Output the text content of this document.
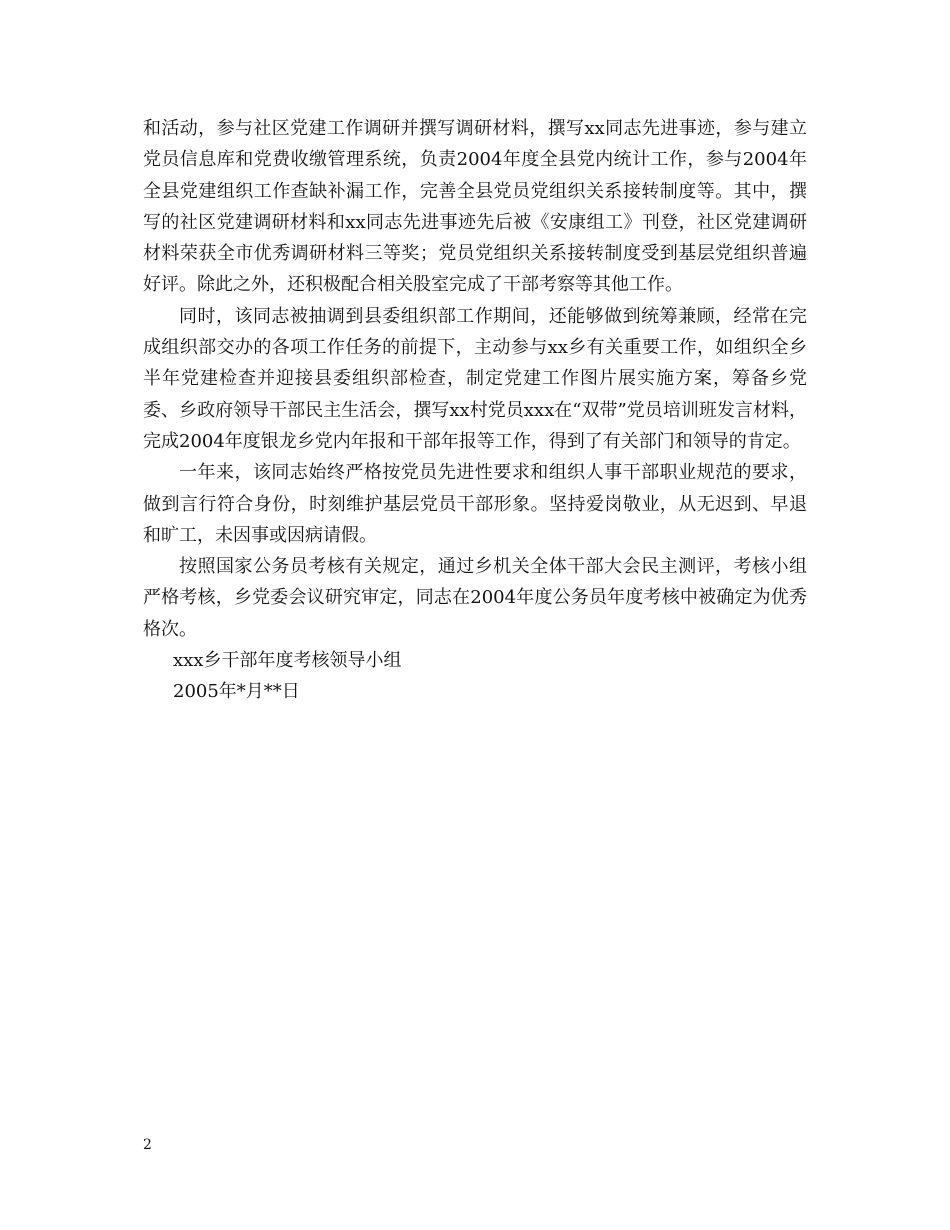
和活动，参与社区党建工作调研并撰写调研材料，撰写xx同志先进事迹，参与建立党员信息库和党费收缴管理系统，负责2004年度全县党内统计工作，参与2004年全县党建组织工作查缺补漏工作，完善全县党员党组织关系接转制度等。其中，撰写的社区党建调研材料和xx同志先进事迹先后被《安康组工》刊登，社区党建调研材料荣获全市优秀调研材料三等奖；党员党组织关系接转制度受到基层党组织普遍好评。除此之外，还积极配合相关股室完成了干部考察等其他工作。

同时，该同志被抽调到县委组织部工作期间，还能够做到统筹兼顾，经常在完成组织部交办的各项工作任务的前提下，主动参与xx乡有关重要工作，如组织全乡半年党建检查并迎接县委组织部检查，制定党建工作图片展实施方案，筹备乡党委、乡政府领导干部民主生活会，撰写xx村党员xxx在“双带”党员培训班发言材料，完成2004年度银龙乡党内年报和干部年报等工作，得到了有关部门和领导的肯定。

一年来，该同志始终严格按党员先进性要求和组织人事干部职业规范的要求，做到言行符合身份，时刻维护基层党员干部形象。坚持爱岗敬业，从无迟到、早退和旷工，未因事或因病请假。

按照国家公务员考核有关规定，通过乡机关全体干部大会民主测评，考核小组严格考核，乡党委会议研究审定，同志在2004年度公务员年度考核中被确定为优秀格次。

xxx乡干部年度考核领导小组

2005年*月**日

2
